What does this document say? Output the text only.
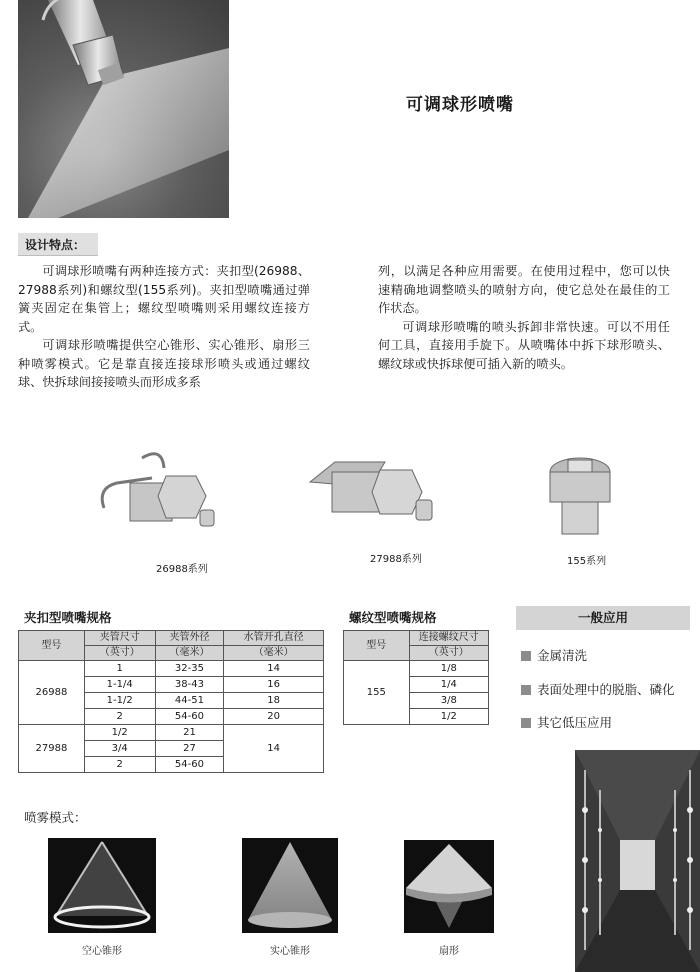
可调球形喷嘴
设计特点：

可调球形喷嘴有两种连接方式：夹扣型(26988、27988系列)和螺纹型(155系列)。夹扣型喷嘴通过弹簧夹固定在集管上；螺纹型喷嘴则采用螺纹连接方式。

可调球形喷嘴提供空心锥形、实心锥形、扇形三种喷雾模式。它是靠直接连接球形喷头或通过螺纹球、快拆球间接接喷头而形成多系

列，以满足各种应用需要。在使用过程中，您可以快速精确地调整喷头的喷射方向，使它总处在最佳的工作状态。

可调球形喷嘴的喷头拆卸非常快速。可以不用任何工具，直接用手旋下。从喷嘴体中拆下球形喷头、螺纹球或快拆球便可插入新的喷头。

26988系列
27988系列	155系列
夹扣型喷嘴规格
型号	夹管尺寸	夹管外径	水管开孔直径
	（英寸）	（毫米）	（毫米）
26988	1	32-35	14
	1-1/4	38-43	16
	1-1/2	44-51	18
	2	54-60	20
27988	1/2	21	14
	3/4	27	
	2	54-60	
螺纹型喷嘴规格
型号	连接螺纹尺寸
	（英寸）
155	1/8
	1/4
	3/8
	1/2
一般应用
金属清洗
表面处理中的脱脂、磷化
其它低压应用
喷雾模式：
空心锥形	实心锥形	扇形
